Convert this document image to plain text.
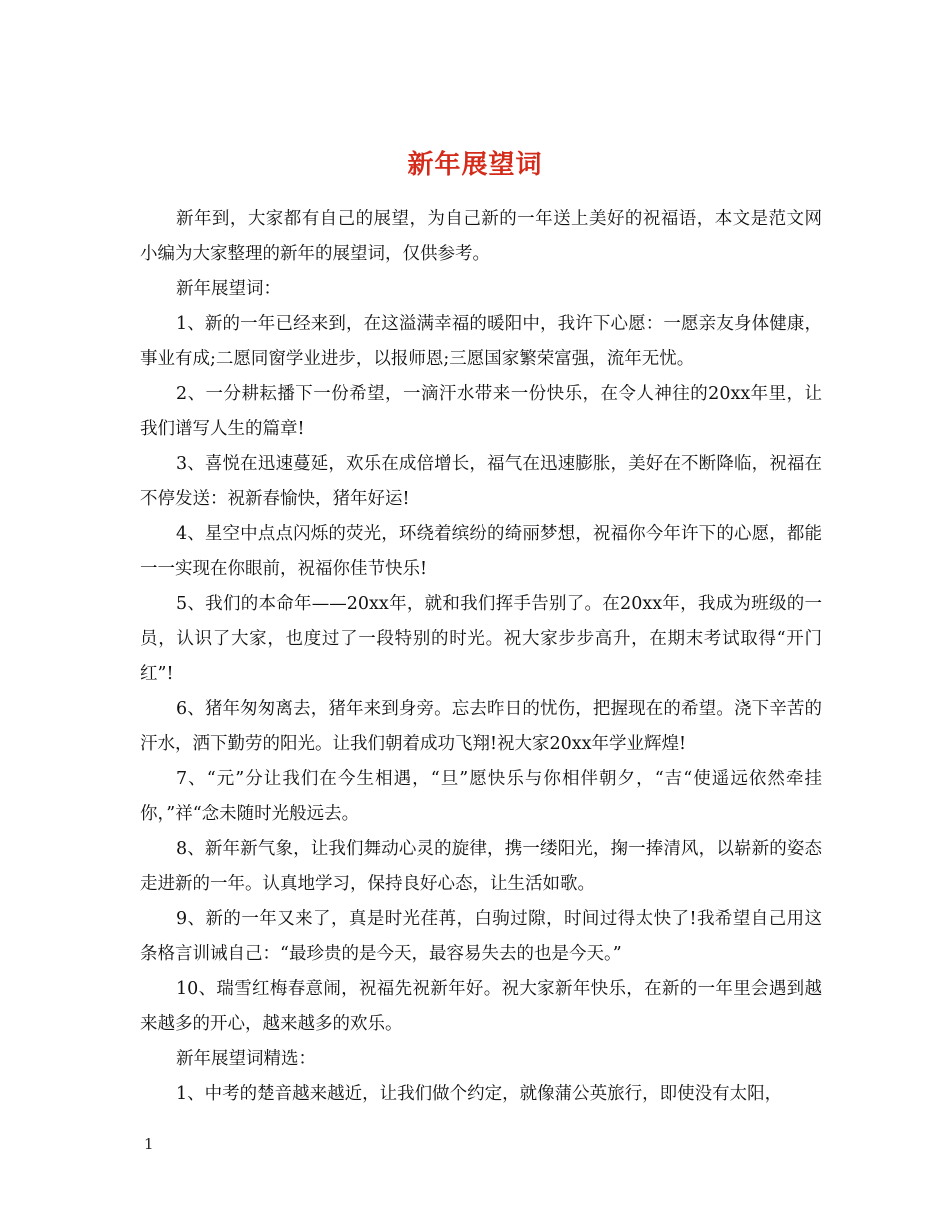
新年展望词

新年到，大家都有自己的展望，为自己新的一年送上美好的祝福语，本文是范文网小编为大家整理的新年的展望词，仅供参考。

新年展望词：

1、新的一年已经来到，在这溢满幸福的暖阳中，我许下心愿：一愿亲友身体健康，事业有成;二愿同窗学业进步，以报师恩;三愿国家繁荣富强，流年无忧。

2、一分耕耘播下一份希望，一滴汗水带来一份快乐，在令人神往的20xx年里，让我们谱写人生的篇章!

3、喜悦在迅速蔓延，欢乐在成倍增长，福气在迅速膨胀，美好在不断降临，祝福在不停发送：祝新春愉快，猪年好运!

4、星空中点点闪烁的荧光，环绕着缤纷的绮丽梦想，祝福你今年许下的心愿，都能一一实现在你眼前，祝福你佳节快乐!

5、我们的本命年——20xx年，就和我们挥手告别了。在20xx年，我成为班级的一员，认识了大家，也度过了一段特别的时光。祝大家步步高升，在期末考试取得“开门红”!

6、猪年匆匆离去，猪年来到身旁。忘去昨日的忧伤，把握现在的希望。浇下辛苦的汗水，洒下勤劳的阳光。让我们朝着成功飞翔!祝大家20xx年学业辉煌!

7、“元”分让我们在今生相遇，“旦”愿快乐与你相伴朝夕，“吉“使遥远依然牵挂你，”祥“念未随时光般远去。

8、新年新气象，让我们舞动心灵的旋律，携一缕阳光，掬一捧清风，以崭新的姿态走进新的一年。认真地学习，保持良好心态，让生活如歌。

9、新的一年又来了，真是时光荏苒，白驹过隙，时间过得太快了!我希望自己用这条格言训诫自己：“最珍贵的是今天，最容易失去的也是今天。”

10、瑞雪红梅春意闹，祝福先祝新年好。祝大家新年快乐，在新的一年里会遇到越来越多的开心，越来越多的欢乐。

新年展望词精选：

1、中考的楚音越来越近，让我们做个约定，就像蒲公英旅行，即使没有太阳，

1
